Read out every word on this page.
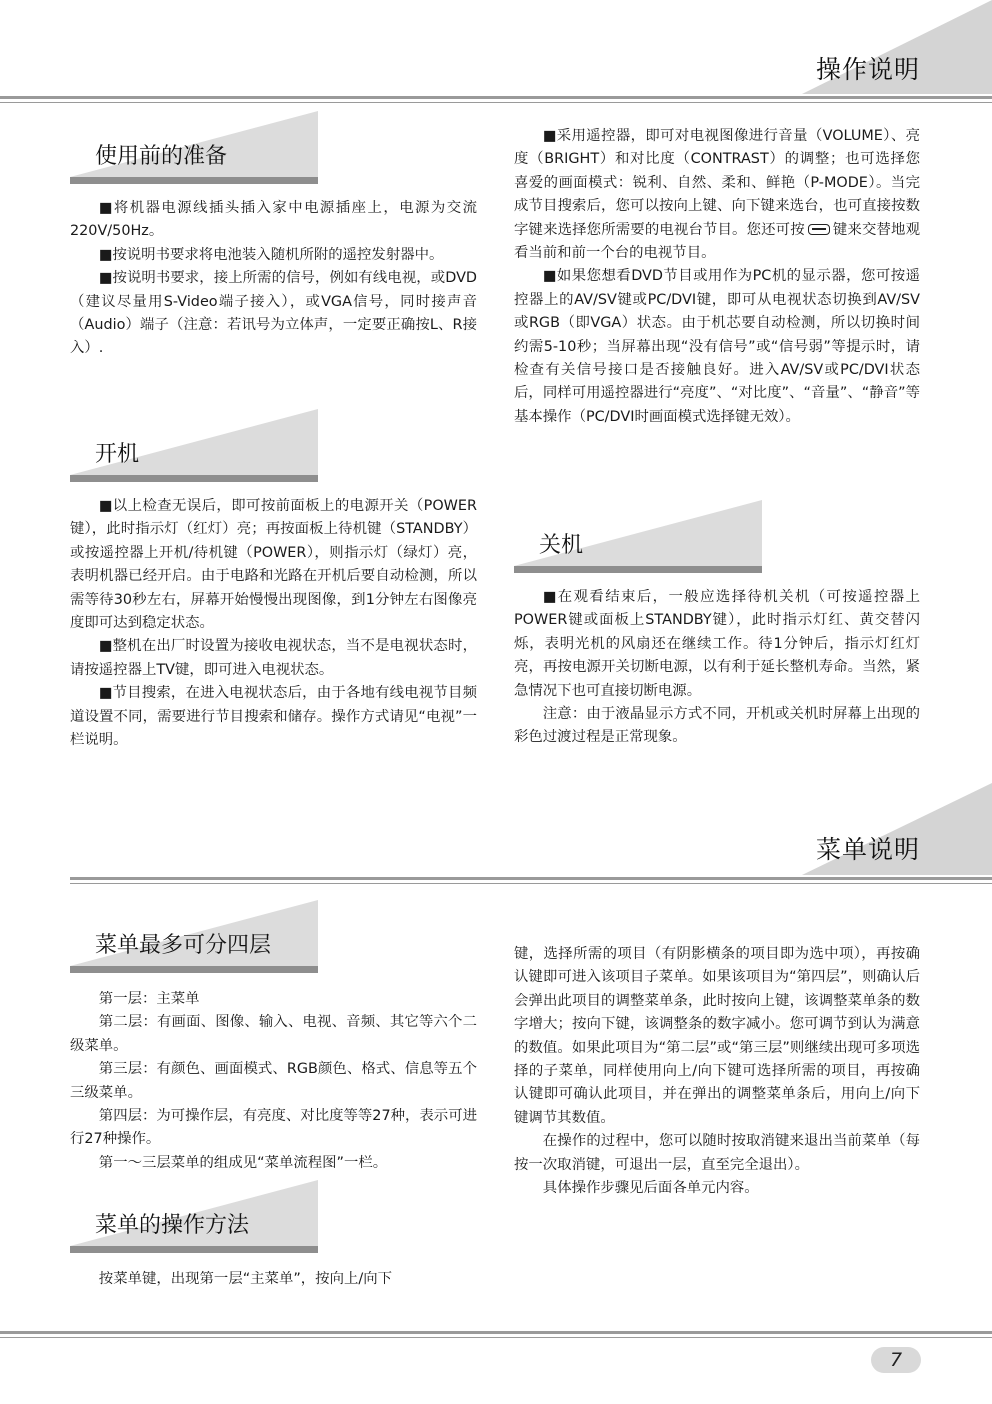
操作说明
使用前的准备

■将机器电源线插头插入家中电源插座上，电源为交流220V/50Hz。

■按说明书要求将电池装入随机所附的遥控发射器中。

■按说明书要求，接上所需的信号，例如有线电视，或DVD（建议尽量用S-Video端子接入），或VGA信号，同时接声音（Audio）端子（注意：若讯号为立体声，一定要正确按L、R接入）.

开机

■以上检查无误后，即可按前面板上的电源开关（POWER键），此时指示灯（红灯）亮；再按面板上待机键（STANDBY）或按遥控器上开机/待机键（POWER），则指示灯（绿灯）亮，表明机器已经开启。由于电路和光路在开机后要自动检测，所以需等待30秒左右，屏幕开始慢慢出现图像，到1分钟左右图像亮度即可达到稳定状态。

■整机在出厂时设置为接收电视状态，当不是电视状态时，请按遥控器上TV键，即可进入电视状态。

■节目搜索，在进入电视状态后，由于各地有线电视节目频道设置不同，需要进行节目搜索和储存。操作方式请见“电视”一栏说明。

■采用遥控器，即可对电视图像进行音量（VOLUME）、亮度（BRIGHT）和对比度（CONTRAST）的调整；也可选择您喜爱的画面模式：锐利、自然、柔和、鲜艳（P-MODE）。当完成节目搜索后，您可以按向上键、向下键来选台，也可直接按数字键来选择您所需要的电视台节目。您还可按 键来交替地观看当前和前一个台的电视节目。

■如果您想看DVD节目或用作为PC机的显示器，您可按遥控器上的AV/SV键或PC/DVI键，即可从电视状态切换到AV/SV或RGB（即VGA）状态。由于机芯要自动检测，所以切换时间约需5-10秒；当屏幕出现“没有信号”或“信号弱”等提示时，请检查有关信号接口是否接触良好。进入AV/SV或PC/DVI状态后，同样可用遥控器进行“亮度”、“对比度”、“音量”、“静音”等基本操作（PC/DVI时画面模式选择键无效）。

关机

■在观看结束后，一般应选择待机关机（可按遥控器上POWER键或面板上STANDBY键），此时指示灯红、黄交替闪烁，表明光机的风扇还在继续工作。待1分钟后，指示灯红灯亮，再按电源开关切断电源，以有利于延长整机寿命。当然，紧急情况下也可直接切断电源。

注意：由于液晶显示方式不同，开机或关机时屏幕上出现的彩色过渡过程是正常现象。

菜单说明
菜单最多可分四层

第一层：主菜单

第二层：有画面、图像、输入、电视、音频、其它等六个二级菜单。

第三层：有颜色、画面模式、RGB颜色、格式、信息等五个三级菜单。

第四层：为可操作层，有亮度、对比度等等27种，表示可进行27种操作。

第一～三层菜单的组成见“菜单流程图”一栏。

菜单的操作方法

按菜单键，出现第一层“主菜单”，按向上/向下

键，选择所需的项目（有阴影横条的项目即为选中项），再按确认键即可进入该项目子菜单。如果该项目为“第四层”，则确认后会弹出此项目的调整菜单条，此时按向上键，该调整菜单条的数字增大；按向下键，该调整条的数字减小。您可调节到认为满意的数值。如果此项目为“第二层”或“第三层”则继续出现可多项选择的子菜单，同样使用向上/向下键可选择所需的项目，再按确认键即可确认此项目，并在弹出的调整菜单条后，用向上/向下键调节其数值。

在操作的过程中，您可以随时按取消键来退出当前菜单（每按一次取消键，可退出一层，直至完全退出）。

具体操作步骤见后面各单元内容。

7
